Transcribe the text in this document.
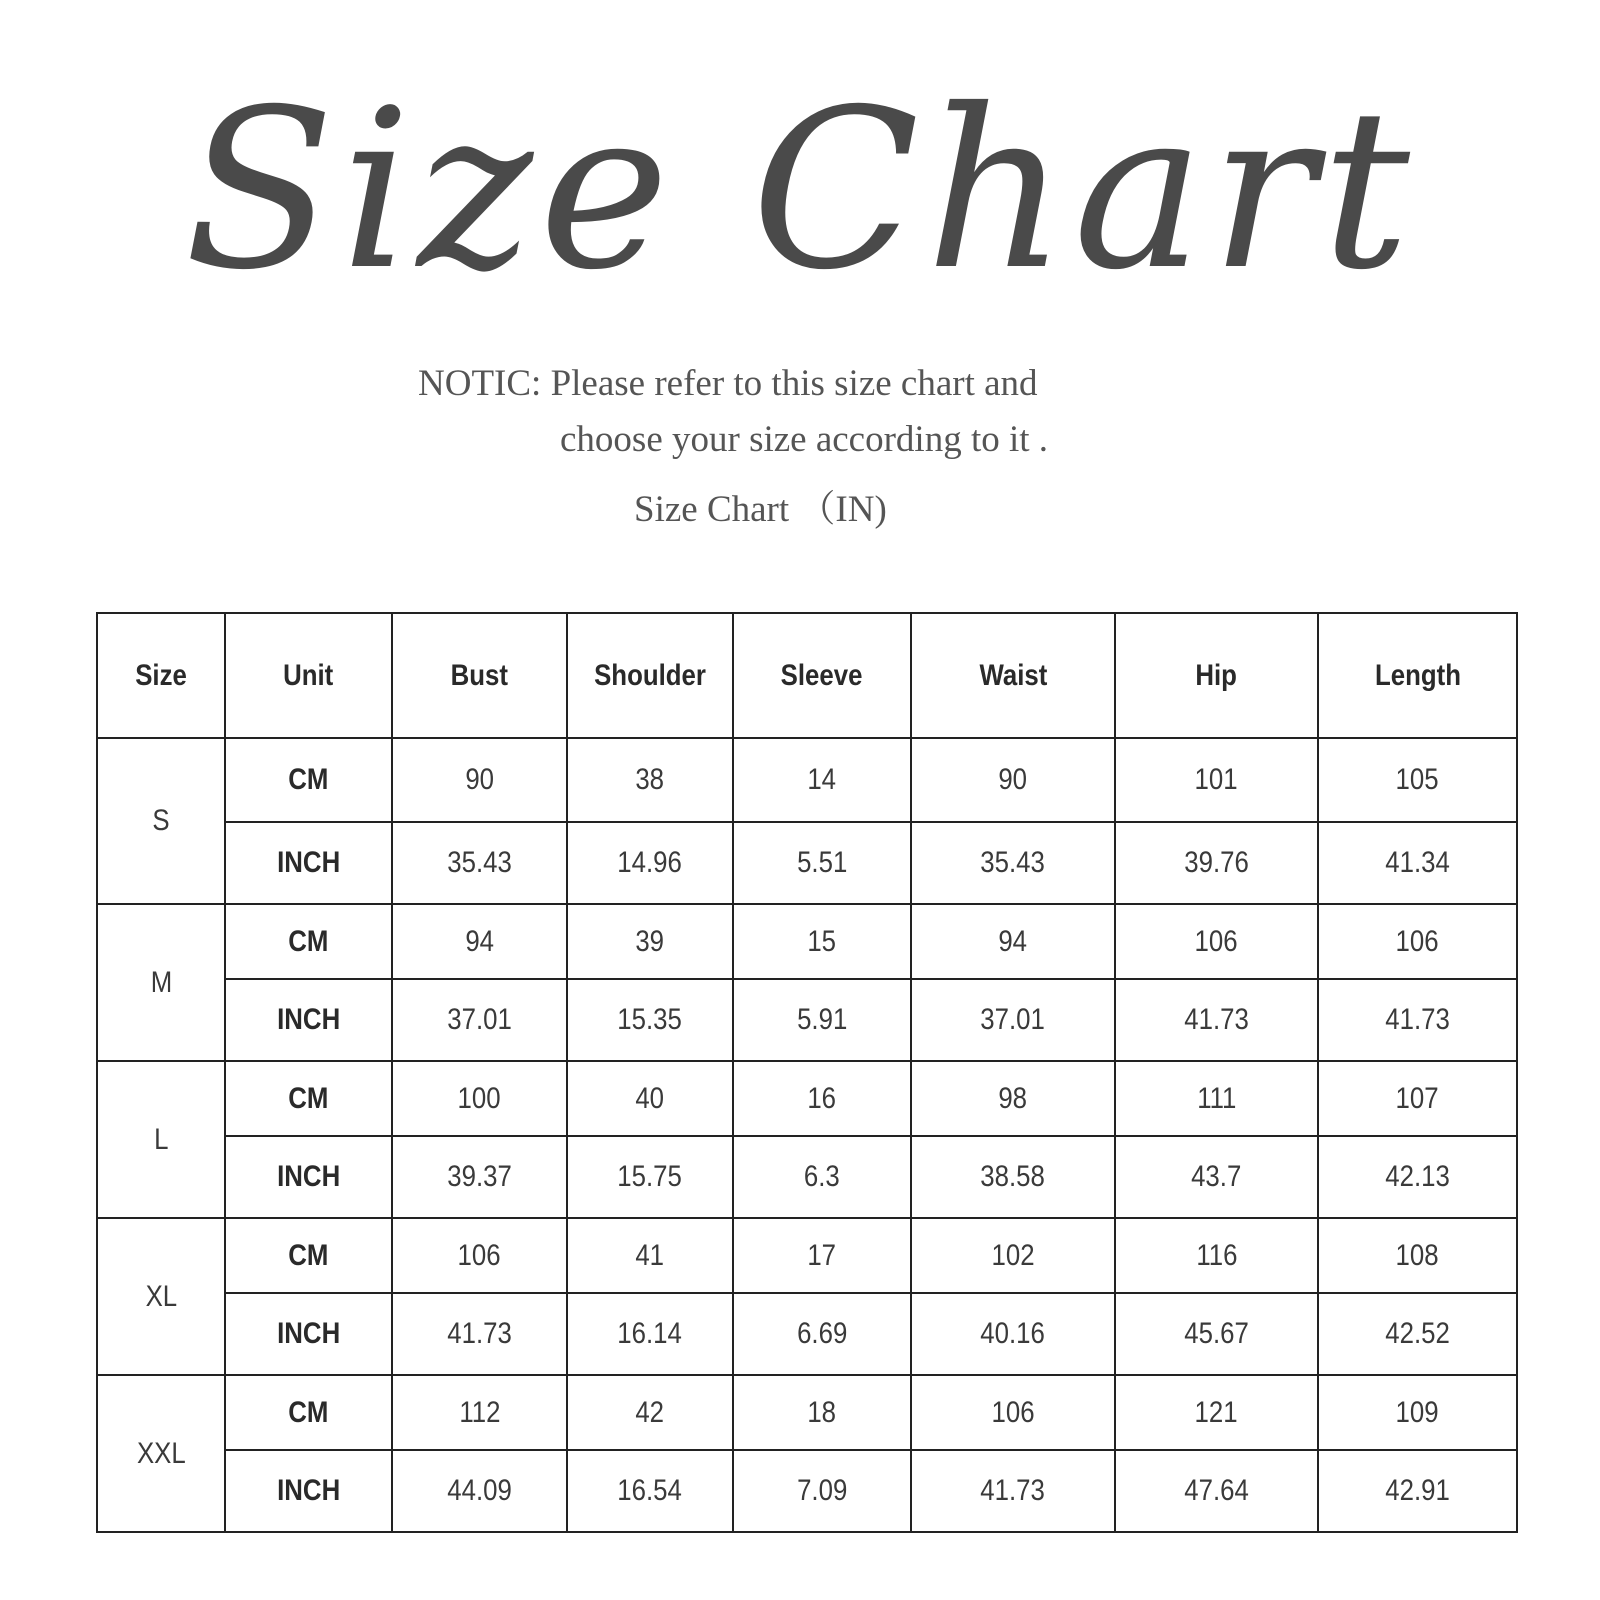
Size Chart
NOTIC: Please refer to this size chart and
choose your size according to it .
Size Chart （IN)
Size	Unit	Bust	Shoulder	Sleeve	Waist	Hip	Length
S	CM	90	38	14	90	101	105
	INCH	35.43	14.96	5.51	35.43	39.76	41.34
M	CM	94	39	15	94	106	106
	INCH	37.01	15.35	5.91	37.01	41.73	41.73
L	CM	100	40	16	98	111	107
	INCH	39.37	15.75	6.3	38.58	43.7	42.13
XL	CM	106	41	17	102	116	108
	INCH	41.73	16.14	6.69	40.16	45.67	42.52
XXL	CM	112	42	18	106	121	109
	INCH	44.09	16.54	7.09	41.73	47.64	42.91
